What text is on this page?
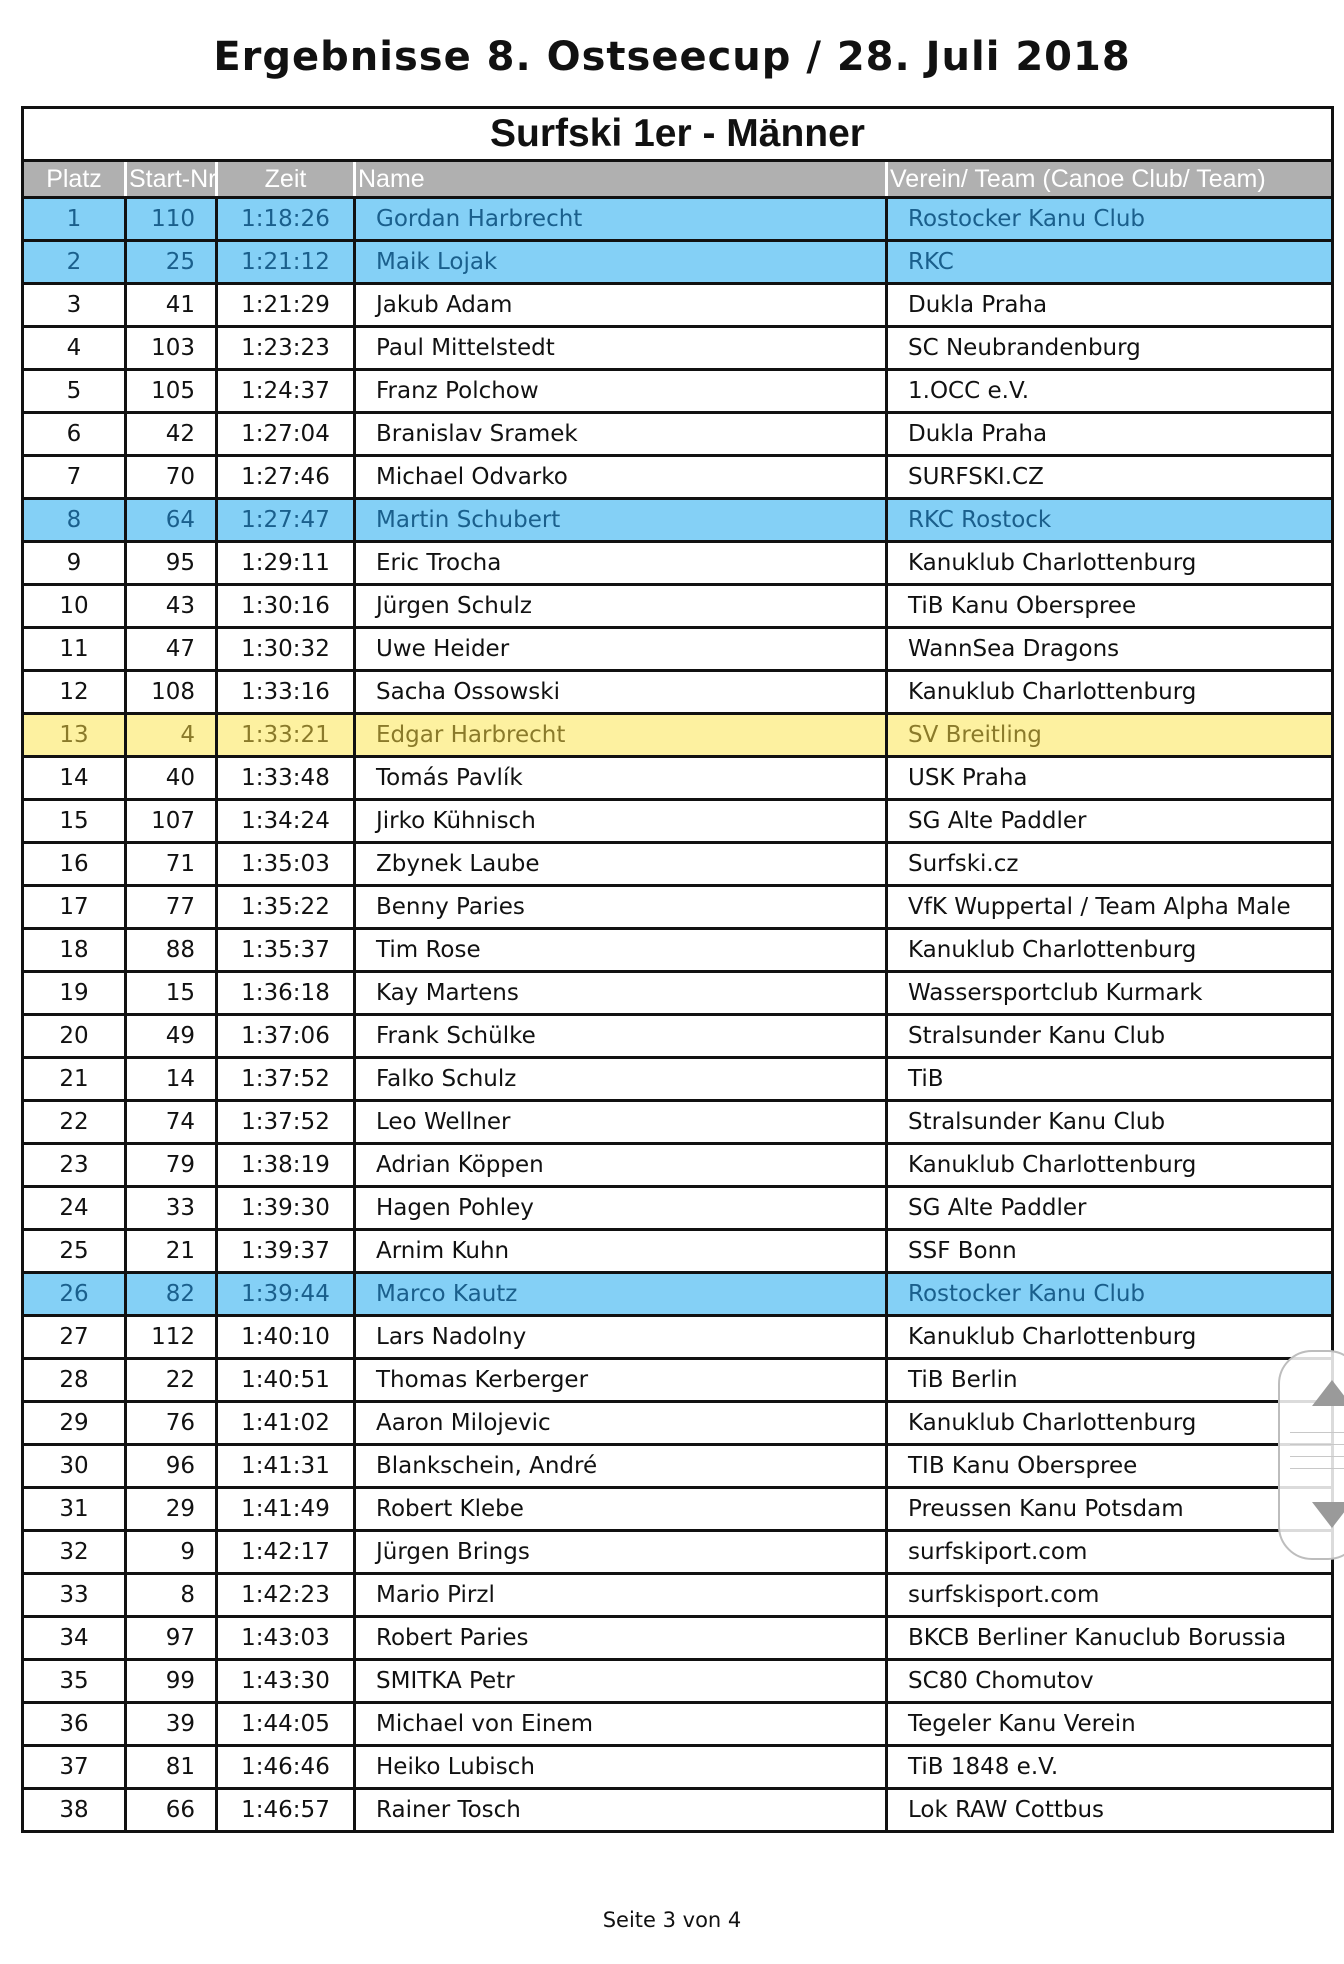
Ergebnisse 8. Ostseecup / 28. Juli 2018
Surfski 1er - Männer				
Platz	Start-Nr	Zeit	Name	Verein/ Team (Canoe Club/ Team)
1	110	1:18:26	Gordan Harbrecht	Rostocker Kanu Club
2	25	1:21:12	Maik Lojak	RKC
3	41	1:21:29	Jakub Adam	Dukla Praha
4	103	1:23:23	Paul Mittelstedt	SC Neubrandenburg
5	105	1:24:37	Franz Polchow	1.OCC e.V.
6	42	1:27:04	Branislav Sramek	Dukla Praha
7	70	1:27:46	Michael Odvarko	SURFSKI.CZ
8	64	1:27:47	Martin Schubert	RKC Rostock
9	95	1:29:11	Eric Trocha	Kanuklub Charlottenburg
10	43	1:30:16	Jürgen Schulz	TiB Kanu Oberspree
11	47	1:30:32	Uwe Heider	WannSea Dragons
12	108	1:33:16	Sacha Ossowski	Kanuklub Charlottenburg
13	4	1:33:21	Edgar Harbrecht	SV Breitling
14	40	1:33:48	Tomás Pavlík	USK Praha
15	107	1:34:24	Jirko Kühnisch	SG Alte Paddler
16	71	1:35:03	Zbynek Laube	Surfski.cz
17	77	1:35:22	Benny Paries	VfK Wuppertal / Team Alpha Male
18	88	1:35:37	Tim Rose	Kanuklub Charlottenburg
19	15	1:36:18	Kay Martens	Wassersportclub Kurmark
20	49	1:37:06	Frank Schülke	Stralsunder Kanu Club
21	14	1:37:52	Falko Schulz	TiB
22	74	1:37:52	Leo Wellner	Stralsunder Kanu Club
23	79	1:38:19	Adrian Köppen	Kanuklub Charlottenburg
24	33	1:39:30	Hagen Pohley	SG Alte Paddler
25	21	1:39:37	Arnim Kuhn	SSF Bonn
26	82	1:39:44	Marco Kautz	Rostocker Kanu Club
27	112	1:40:10	Lars Nadolny	Kanuklub Charlottenburg
28	22	1:40:51	Thomas Kerberger	TiB Berlin
29	76	1:41:02	Aaron Milojevic	Kanuklub Charlottenburg
30	96	1:41:31	Blankschein, André	TIB Kanu Oberspree
31	29	1:41:49	Robert Klebe	Preussen Kanu Potsdam
32	9	1:42:17	Jürgen Brings	surfskiport.com
33	8	1:42:23	Mario Pirzl	surfskisport.com
34	97	1:43:03	Robert Paries	BKCB Berliner Kanuclub Borussia
35	99	1:43:30	SMITKA Petr	SC80 Chomutov
36	39	1:44:05	Michael von Einem	Tegeler Kanu Verein
37	81	1:46:46	Heiko Lubisch	TiB 1848 e.V.
38	66	1:46:57	Rainer Tosch	Lok RAW Cottbus
Seite 3 von 4
